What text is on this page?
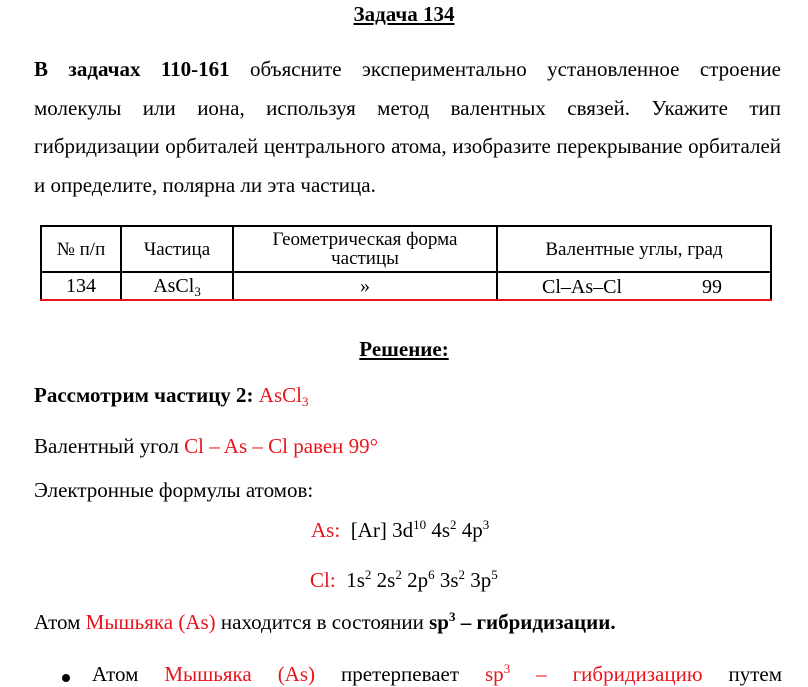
Задача 134
В задачах 110-161 объясните экспериментально установленное строение молекулы или иона, используя метод валентных связей. Укажите тип гибридизации орбиталей центрального атома, изобразите перекрывание орбиталей и определите, полярна ли эта частица.
№ п/п	Частица	Геометрическая форма частицы	Валентные углы, град
134	AsCl$_3$	»	Cl–As–Cl 99

Решение:
Рассмотрим частицу 2: AsCl$_3$
Валентный угол Cl – As – Cl равен 99°
Электронные формулы атомов:
As: [Ar] $3d^{10}$ $4s^2$ $4p^3$
Cl: $1s^2$ $2s^2$ $2p^6$ $3s^2$ $3p^5$
Атом Мышьяка (As) находится в состоянии $sp^3$ – гибридизации.
Атом Мышьяка (As) претерпевает $sp^3$ – гибридизацию путем
